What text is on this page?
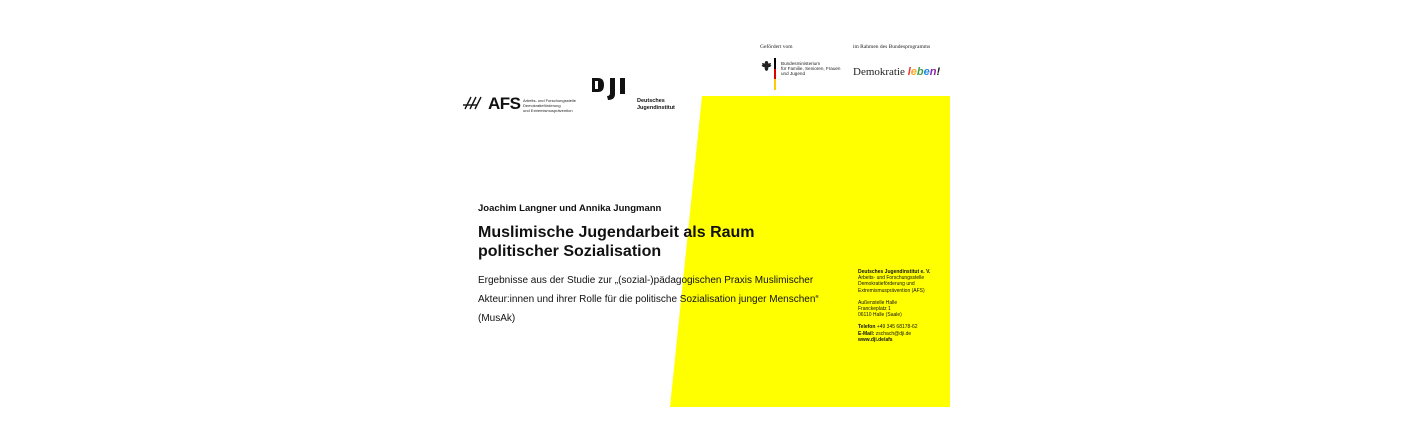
Gefördert vom	im Rahmen des Bundesprogramms
Bundesministerium
für Familie, Senioren, Frauen
und Jugend	Demokratie leben!
AFS Arbeits- und Forschungsstelle
Demokratieförderung
und Extremismusprävention
Deutsches
Jugendinstitut
Joachim Langner und Annika Jungmann
Muslimische Jugendarbeit als Raum politischer Sozialisation
Ergebnisse aus der Studie zur „(sozial-)pädagogischen Praxis Muslimischer Akteur:innen und ihrer Rolle für die politische Sozialisation junger Menschen“ (MusAk)
Deutsches Jugendinstitut e. V.
Arbeits- und Forschungsstelle
Demokratieförderung und
Extremismusprävention (AFS)
Außenstelle Halle
Franckeplatz 1
06110 Halle (Saale)
Telefon +49 345 68178-62
E-Mail: zschach@dji.de
www.dji.de/afs
